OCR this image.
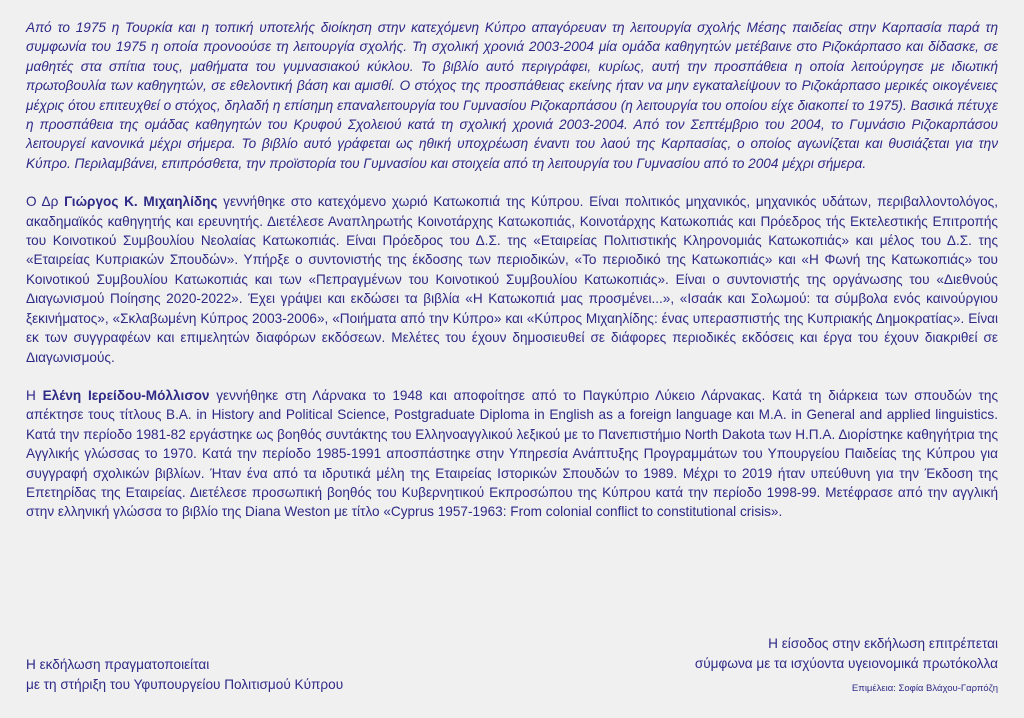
Από το 1975 η Τουρκία και η τοπική υποτελής διοίκηση στην κατεχόμενη Κύπρο απαγόρευαν τη λειτουργία σχολής Μέσης παιδείας στην Καρπασία παρά τη συμφωνία του 1975 η οποία προνοούσε τη λειτουργία σχολής. Τη σχολική χρονιά 2003-2004 μία ομάδα καθηγητών μετέβαινε στο Ριζοκάρπασο και δίδασκε, σε μαθητές στα σπίτια τους, μαθήματα του γυμνασιακού κύκλου. Το βιβλίο αυτό περιγράφει, κυρίως, αυτή την προσπάθεια η οποία λειτούργησε με ιδιωτική πρωτοβουλία των καθηγητών, σε εθελοντική βάση και αμισθί. Ο στόχος της προσπάθειας εκείνης ήταν να μην εγκαταλείψουν το Ριζοκάρπασο μερικές οικογένειες μέχρις ότου επιτευχθεί ο στόχος, δηλαδή η επίσημη επαναλειτουργία του Γυμνασίου Ριζοκαρπάσου (η λειτουργία του οποίου είχε διακοπεί το 1975). Βασικά πέτυχε η προσπάθεια της ομάδας καθηγητών του Κρυφού Σχολειού κατά τη σχολική χρονιά 2003-2004. Από τον Σεπτέμβριο του 2004, το Γυμνάσιο Ριζοκαρπάσου λειτουργεί κανονικά μέχρι σήμερα. Το βιβλίο αυτό γράφεται ως ηθική υποχρέωση έναντι του λαού της Καρπασίας, ο οποίος αγωνίζεται και θυσιάζεται για την Κύπρο. Περιλαμβάνει, επιπρόσθετα, την προϊστορία του Γυμνασίου και στοιχεία από τη λειτουργία του Γυμνασίου από το 2004 μέχρι σήμερα.

Ο Δρ Γιώργος Κ. Μιχαηλίδης γεννήθηκε στο κατεχόμενο χωριό Κατωκοπιά της Κύπρου. Είναι πολιτικός μηχανικός, μηχανικός υδάτων, περιβαλλοντολόγος, ακαδημαϊκός καθηγητής και ερευνητής. Διετέλεσε Αναπληρωτής Κοινοτάρχης Κατωκοπιάς, Κοινοτάρχης Κατωκοπιάς και Πρόεδρος τής Εκτελεστικής Επιτροπής του Κοινοτικού Συμβουλίου Νεολαίας Κατωκοπιάς. Είναι Πρόεδρος του Δ.Σ. της «Εταιρείας Πολιτιστικής Κληρονομιάς Κατωκοπιάς» και μέλος του Δ.Σ. της «Εταιρείας Κυπριακών Σπουδών». Υπήρξε ο συντονιστής της έκδοσης των περιοδικών, «Το περιοδικό της Κατωκοπιάς» και «Η Φωνή της Κατωκοπιάς» του Κοινοτικού Συμβουλίου Κατωκοπιάς και των «Πεπραγμένων του Κοινοτικού Συμβουλίου Κατωκοπιάς». Είναι ο συντονιστής της οργάνωσης του «Διεθνούς Διαγωνισμού Ποίησης 2020-2022». Έχει γράψει και εκδώσει τα βιβλία «Η Κατωκοπιά μας προσμένει...», «Ισαάκ και Σολωμού: τα σύμβολα ενός καινούργιου ξεκινήματος», «Σκλαβωμένη Κύπρος 2003-2006», «Ποιήματα από την Κύπρο» και «Κύπρος Μιχαηλίδης: ένας υπερασπιστής της Κυπριακής Δημοκρατίας». Είναι εκ των συγγραφέων και επιμελητών διαφόρων εκδόσεων. Μελέτες του έχουν δημοσιευθεί σε διάφορες περιοδικές εκδόσεις και έργα του έχουν διακριθεί σε Διαγωνισμούς.

Η Ελένη Ιερείδου-Μόλλισον γεννήθηκε στη Λάρνακα το 1948 και αποφοίτησε από το Παγκύπριο Λύκειο Λάρνακας. Κατά τη διάρκεια των σπουδών της απέκτησε τους τίτλους B.A. in History and Political Science, Postgraduate Diploma in English as a foreign language και M.A. in General and applied linguistics. Κατά την περίοδο 1981-82 εργάστηκε ως βοηθός συντάκτης του Ελληνοαγγλικού λεξικού με το Πανεπιστήμιο North Dakota των Η.Π.Α. Διορίστηκε καθηγήτρια της Αγγλικής γλώσσας το 1970. Κατά την περίοδο 1985-1991 αποσπάστηκε στην Υπηρεσία Ανάπτυξης Προγραμμάτων του Υπουργείου Παιδείας της Κύπρου για συγγραφή σχολικών βιβλίων. Ήταν ένα από τα ιδρυτικά μέλη της Εταιρείας Ιστορικών Σπουδών το 1989. Μέχρι το 2019 ήταν υπεύθυνη για την Έκδοση της Επετηρίδας της Εταιρείας. Διετέλεσε προσωπική βοηθός του Κυβερνητικού Εκπροσώπου της Κύπρου κατά την περίοδο 1998-99. Μετέφρασε από την αγγλική στην ελληνική γλώσσα το βιβλίο της Diana Weston με τίτλο «Cyprus 1957-1963: From colonial conflict to constitutional crisis».

Η εκδήλωση πραγματοποιείται
με τη στήριξη του Υφυπουργείου Πολιτισμού Κύπρου
Η είσοδος στην εκδήλωση επιτρέπεται
σύμφωνα με τα ισχύοντα υγειονομικά πρωτόκολλα
Επιμέλεια: Σοφία Βλάχου-Γαρπόζη
